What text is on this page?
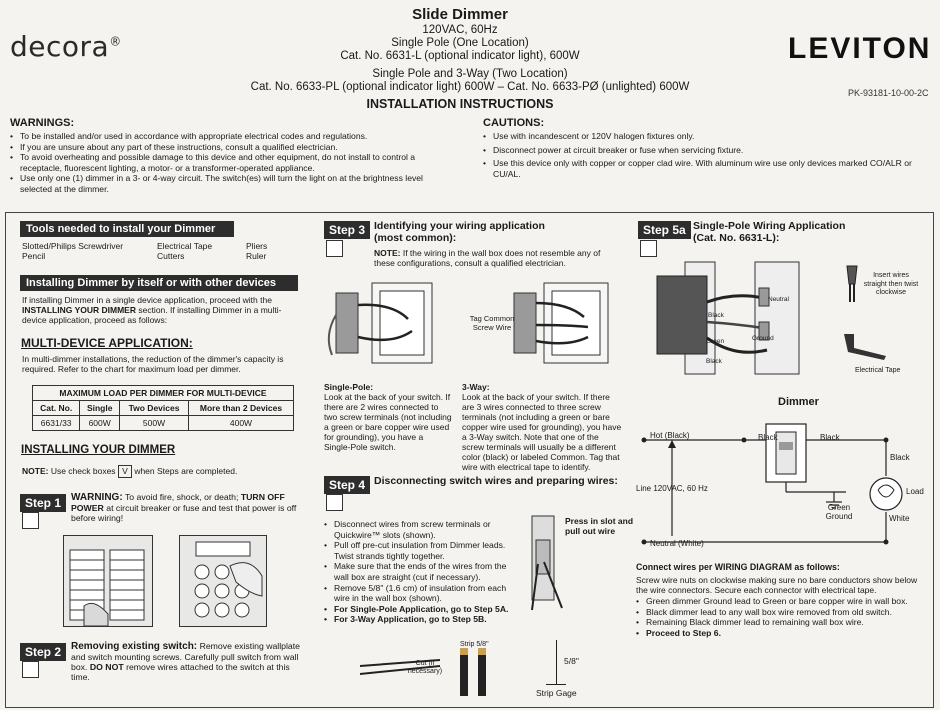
decora®	LEVITON
PK-93181-10-00-2C
Slide Dimmer
120VAC, 60Hz
Single Pole (One Location)
Cat. No. 6631-L (optional indicator light), 600W
Single Pole and 3-Way (Two Location)
Cat. No. 6633-PL (optional indicator light) 600W – Cat. No. 6633-PØ (unlighted) 600W
INSTALLATION INSTRUCTIONS
WARNINGS:
• To be installed and/or used in accordance with appropriate electrical codes and regulations.
• If you are unsure about any part of these instructions, consult a qualified electrician.
• To avoid overheating and possible damage to this device and other equipment, do not install to control a receptacle, fluorescent lighting, a motor- or a transformer-operated appliance.
• Use only one (1) dimmer in a 3- or 4-way circuit. The switch(es) will turn the light on at the brightness level selected at the dimmer.
CAUTIONS:
• Use with incandescent or 120V halogen fixtures only.
• Disconnect power at circuit breaker or fuse when servicing fixture.
• Use this device only with copper or copper clad wire. With aluminum wire use only devices marked CO/ALR or CU/AL.
Tools needed to install your Dimmer
Slotted/Philips Screwdriver	Electrical Tape	Pliers
Pencil	Cutters	Ruler
Installing Dimmer by itself or with other devices
If installing Dimmer in a single device application, proceed with the INSTALLING YOUR DIMMER section. If installing Dimmer in a multi-device application, proceed as follows:
MULTI-DEVICE APPLICATION:
In multi-dimmer installations, the reduction of the dimmer's capacity is required. Refer to the chart for maximum load per dimmer.
MAXIMUM LOAD PER DIMMER FOR MULTI-DEVICE			
Cat. No.	Single	Two Devices	More than 2 Devices
6631/33	600W	500W	400W
INSTALLING YOUR DIMMER
NOTE: Use check boxes V when Steps are completed.
Step 1 WARNING: To avoid fire, shock, or death; TURN OFF POWER at circuit breaker or fuse and test that power is off before wiring!
Step 2 Removing existing switch: Remove existing wallplate and switch mounting screws. Carefully pull switch from wall box. DO NOT remove wires attached to the switch at this time.
Step 3 Identifying your wiring application
(most common):
NOTE: If the wiring in the wall box does not resemble any of these configurations, consult a qualified electrician.
Tag Common Screw Wire
Single-Pole:
Look at the back of your switch. If there are 2 wires connected to two screw terminals (not including a green or bare copper wire used for grounding), you have a Single-Pole switch.
3-Way:
Look at the back of your switch. If there are 3 wires connected to three screw terminals (not including a green or bare copper wire used for grounding), you have a 3-Way switch. Note that one of the screw terminals will usually be a different color (black) or labeled Common. Tag that wire with electrical tape to identify.
Step 4 Disconnecting switch wires and preparing wires:
• Disconnect wires from screw terminals or Quickwire™ slots (shown).
• Pull off pre-cut insulation from Dimmer leads. Twist strands tightly together.
• Make sure that the ends of the wires from the wall box are straight (cut if necessary).
• Remove 5/8" (1.6 cm) of insulation from each wire in the wall box (shown).
• For Single-Pole Application, go to Step 5A.
• For 3-Way Application, go to Step 5B.
Press in slot and pull out wire
Strip 5/8"
Cut (if necessary)
5/8"
Strip Gage
Step 5a Single-Pole Wiring Application
(Cat. No. 6631-L):
Black
Green
Black
Neutral
Ground
Insert wires straight then twist clockwise
Electrical Tape
Dimmer
Hot (Black)	Black	Black
Black
Line 120VAC, 60 Hz
Green Ground
Load
White
Neutral (White)
Connect wires per WIRING DIAGRAM as follows:
Screw wire nuts on clockwise making sure no bare conductors show below the wire connectors. Secure each connector with electrical tape.
• Green dimmer Ground lead to Green or bare copper wire in wall box.
• Black dimmer lead to any wall box wire removed from old switch.
• Remaining Black dimmer lead to remaining wall box wire.
• Proceed to Step 6.
